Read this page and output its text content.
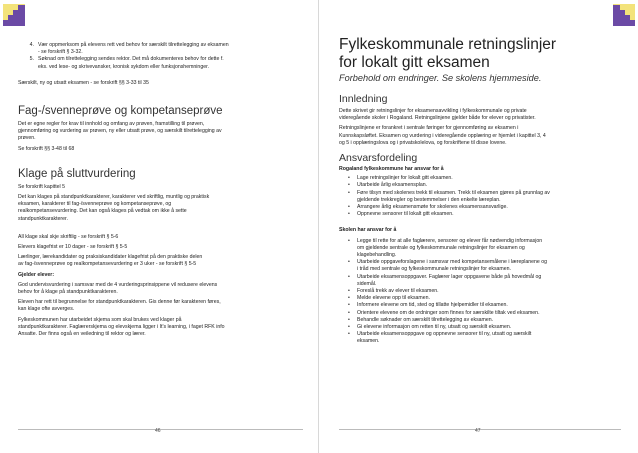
4. Vær oppmerksom på elevens rett ved behov for særskilt tilrettelegging av eksamen
- se forskrift § 3-32.
5. Søknad om tilrettelegging sendes rektor. Det må dokumenteres behov for dette f.
eks. ved lese- og skrivevansker, kronisk sykdom eller funksjonshemninger.

Særskilt, ny og utsatt eksamen - se forskrift §§ 3-33 til 35

Fag-/svenneprøve og kompetanseprøve

Det er egne regler for krav til innhold og omfang av prøven, framstilling til prøven,

gjennomføring og vurdering av prøven, ny eller utsatt prøve, og særskilt tilrettelegging av

prøven.

Se forskrift §§ 3-48 til 68

Klage på sluttvurdering

Se forskrift kapittel 5

Det kan klages på standpunktkarakterer, karakterer ved skriftlig, muntlig og praktisk

eksamen, karakterer til fag-/svenneprøve og kompetanseprøve, og

realkompetansevurdering. Det kan også klages på vedtak om ikke å sette

standpunktkarakterer.

All klage skal skje skriftlig - se forskrift § 5-6

Elevers klagefrist er 10 dager - se forskrift § 5-5

Lærlinger, lærekandidater og praksiskandidater klagefrist på den praktiske delen

av fag-/svenneprøve og realkompetansevurdering er 3 uker - se forskrift § 5-5

Gjelder elever:

God undervisvurdering i samsvar med de 4 vurderingsprinsippene vil redusere elevens

behov for å klage på standpunktkarakteren.

Eleven har rett til begrunnelse for standpunktkarakteren. Gis denne før karakteren føres,

kan klage ofte avverges.

Fylkeskommunen har utarbeidet skjema som skal brukes ved klager på

standpunktkarakterer. Faglærerskjema og elevskjema ligger i It's learning, i faget RFK info

Ansatte. Der finns også en veiledning til rektor og lærer.

46

Fylkeskommunale retningslinjer

for lokalt gitt eksamen

Forbehold om endringer. Se skolens hjemmeside.

Innledning

Dette skrivet gir retningslinjer for eksamensavvikling i fylkeskommunale og private

videregående skoler i Rogaland. Retningslinjene gjelder både for elever og privatister.

Retningslinjene er forankret i sentrale føringer for gjennomføring av eksamen i

Kunnskapsløftet. Eksamen og vurdering i videregående opplæring er hjemlet i kapittel 3, 4

og 5 i opplæringslova og i privatskolelova, og forskriftene til disse lovene.

Ansvarsfordeling

Rogaland fylkeskommune har ansvar for å

• Lage retningslinjer for lokalt gitt eksamen.
• Utarbeide årlig eksamensplan.
• Føre tilsyn med skolenes trekk til eksamen. Trekk til eksamen gjøres på grunnlag av
gjeldende trekkregler og bestemmelser i den enkelte læreplan.
• Arrangere årlig eksamensmøte for skolenes eksamensansvarlige.
• Oppnevne sensorer til lokalt gitt eksamen.

Skolen har ansvar for å

• Legge til rette for at alle faglærere, sensorer og elever får nødvendig informasjon
om gjeldende sentrale og fylkeskommunale retningslinjer for eksamen og
klagebehandling.
• Utarbeide oppgaveforslagene i samsvar med kompetansemålene i læreplanene og
i tråd med sentrale og fylkeskommunale retningslinjer for eksamen.
• Utarbeide eksamensoppgaver. Faglærer lager oppgavene både på hovedmål og
sidemål.
• Foreslå trekk av elever til eksamen.
• Melde elevene opp til eksamen.
• Informere elevene om tid, sted og tillatte hjelpemidler til eksamen.
• Orientere elevene om de ordninger som finnes for særskilte tiltak ved eksamen.
• Behandle søknader om særskilt tilrettelegging av eksamen.
• Gi elevene informasjon om retten til ny, utsatt og særskilt eksamen.
• Utarbeide eksamensoppgave og oppnevne sensorer til ny, utsatt og særskilt
eksamen.
47
